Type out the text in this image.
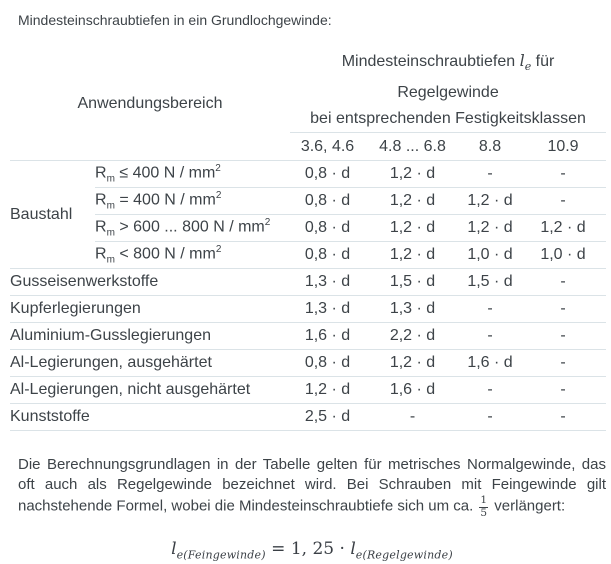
Mindesteinschraubtiefen in ein Grundlochgewinde:

Anwendungsbereich		Mindesteinschraubtiefen $l_e$ für
Regelgewinde
bei entsprechenden Festigkeitsklassen			

		3.6, 4.6	4.8 ... 6.8	8.8	10.9
Baustahl	$R_m \le 400$ N / $mm^2$	0,8 · d	1,2 · d	-	-
	$R_m = 400$ N / $mm^2$	0,8 · d	1,2 · d	1,2 · d	-
	$R_m > 600$ ... 800 N / $mm^2$	0,8 · d	1,2 · d	1,2 · d	1,2 · d
	$R_m < 800$ N / $mm^2$	0,8 · d	1,2 · d	1,0 · d	1,0 · d
Gusseisenwerkstoffe		1,3 · d	1,5 · d	1,5 · d	-
Kupferlegierungen		1,3 · d	1,3 · d	-	-
Aluminium-Gusslegierungen		1,6 · d	2,2 · d	-	-
Al-Legierungen, ausgehärtet		0,8 · d	1,2 · d	1,6 · d	-
Al-Legierungen, nicht ausgehärtet		1,2 · d	1,6 · d	-	-
Kunststoffe		2,5 · d	-	-	-

Die Berechnungsgrundlagen in der Tabelle gelten für metrisches Normalgewinde, das oft auch als Regelgewinde bezeichnet wird. Bei Schrauben mit Feingewinde gilt nachstehende Formel, wobei die Mindesteinschraubtiefe sich um ca. $\frac{1}{5}$ verlängert:

$l_{e(Feingewinde)} = 1$, $25 \cdot l_{e(Regelgewinde)}$
